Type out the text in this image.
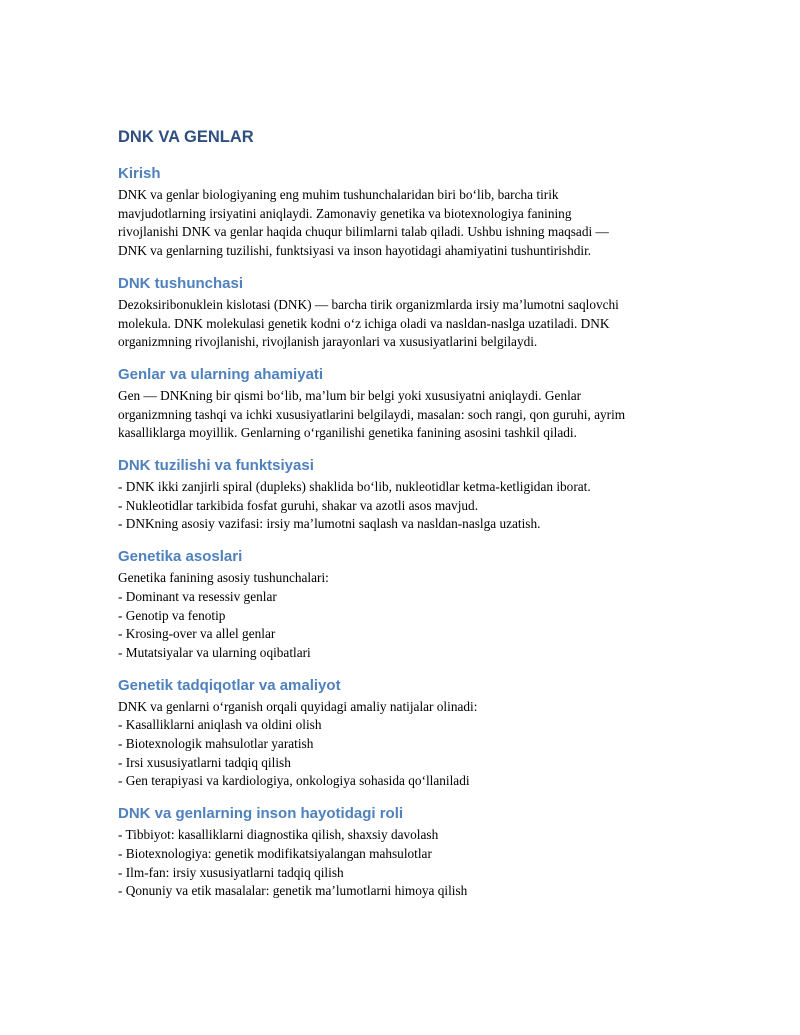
DNK VA GENLAR
Kirish
DNK va genlar biologiyaning eng muhim tushunchalaridan biri bo‘lib, barcha tirik
mavjudotlarning irsiyatini aniqlaydi. Zamonaviy genetika va biotexnologiya fanining
rivojlanishi DNK va genlar haqida chuqur bilimlarni talab qiladi. Ushbu ishning maqsadi —
DNK va genlarning tuzilishi, funktsiyasi va inson hayotidagi ahamiyatini tushuntirishdir.
DNK tushunchasi
Dezoksiribonuklein kislotasi (DNK) — barcha tirik organizmlarda irsiy ma’lumotni saqlovchi
molekula. DNK molekulasi genetik kodni o‘z ichiga oladi va nasldan-naslga uzatiladi. DNK
organizmning rivojlanishi, rivojlanish jarayonlari va xususiyatlarini belgilaydi.
Genlar va ularning ahamiyati
Gen — DNKning bir qismi bo‘lib, ma’lum bir belgi yoki xususiyatni aniqlaydi. Genlar
organizmning tashqi va ichki xususiyatlarini belgilaydi, masalan: soch rangi, qon guruhi, ayrim
kasalliklarga moyillik. Genlarning o‘rganilishi genetika fanining asosini tashkil qiladi.
DNK tuzilishi va funktsiyasi
- DNK ikki zanjirli spiral (dupleks) shaklida bo‘lib, nukleotidlar ketma-ketligidan iborat.
- Nukleotidlar tarkibida fosfat guruhi, shakar va azotli asos mavjud.
- DNKning asosiy vazifasi: irsiy ma’lumotni saqlash va nasldan-naslga uzatish.
Genetika asoslari
Genetika fanining asosiy tushunchalari:
- Dominant va resessiv genlar
- Genotip va fenotip
- Krosing-over va allel genlar
- Mutatsiyalar va ularning oqibatlari
Genetik tadqiqotlar va amaliyot
DNK va genlarni o‘rganish orqali quyidagi amaliy natijalar olinadi:
- Kasalliklarni aniqlash va oldini olish
- Biotexnologik mahsulotlar yaratish
- Irsi xususiyatlarni tadqiq qilish
- Gen terapiyasi va kardiologiya, onkologiya sohasida qo‘llaniladi
DNK va genlarning inson hayotidagi roli
- Tibbiyot: kasalliklarni diagnostika qilish, shaxsiy davolash
- Biotexnologiya: genetik modifikatsiyalangan mahsulotlar
- Ilm-fan: irsiy xususiyatlarni tadqiq qilish
- Qonuniy va etik masalalar: genetik ma’lumotlarni himoya qilish
